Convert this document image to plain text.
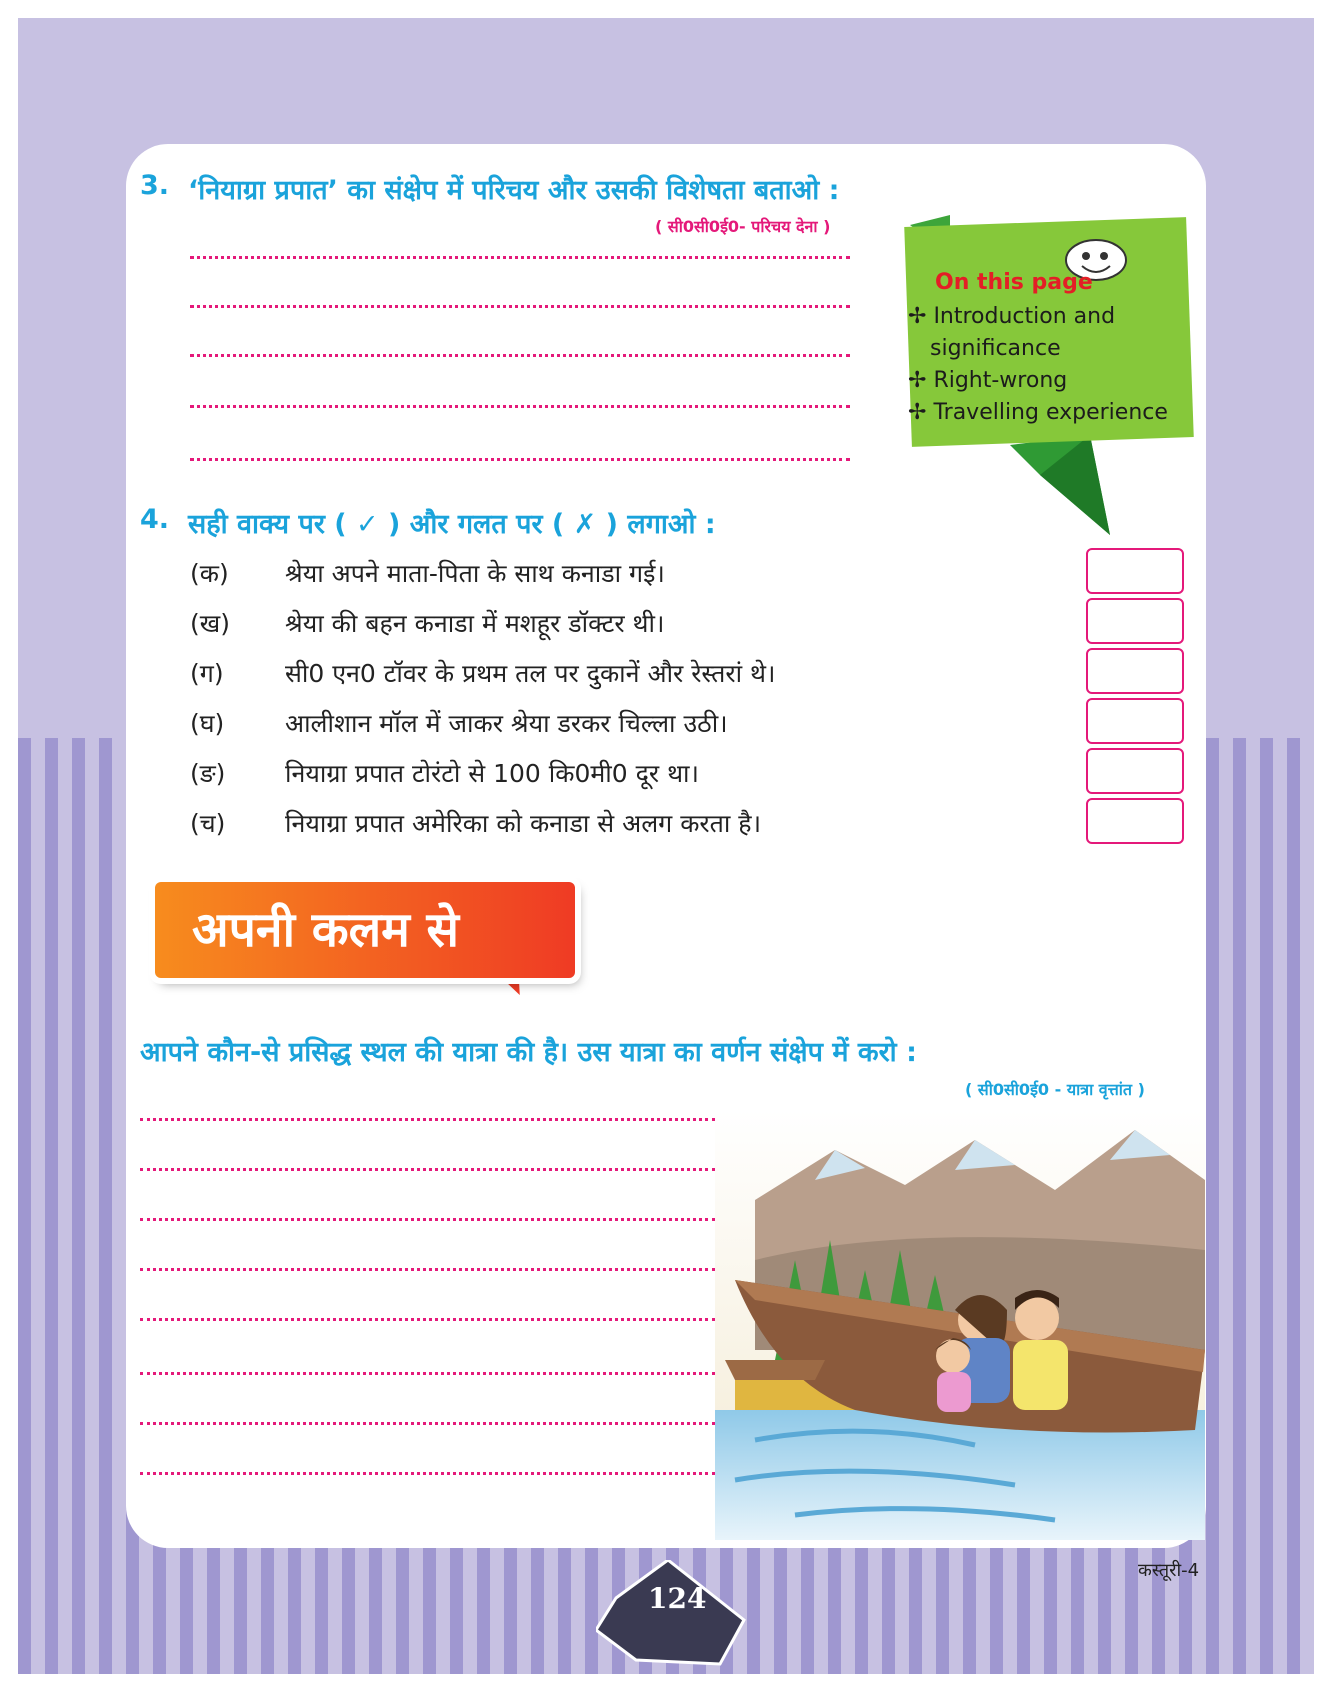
3. ‘नियाग्रा प्रपात’ का संक्षेप में परिचय और उसकी विशेषता बताओ :
( सी0सी0ई0- परिचय देना )
On this page
✢ Introduction and
significance
✢ Right-wrong
✢ Travelling experience
4. सही वाक्य पर ( ✓ ) और गलत पर ( ✗ ) लगाओ :
(क) श्रेया अपने माता-पिता के साथ कनाडा गई।
(ख) श्रेया की बहन कनाडा में मशहूर डॉक्टर थी।
(ग) सी0 एन0 टॉवर के प्रथम तल पर दुकानें और रेस्तरां थे।
(घ) आलीशान मॉल में जाकर श्रेया डरकर चिल्ला उठी।
(ङ) नियाग्रा प्रपात टोरंटो से 100 कि0मी0 दूर था।
(च) नियाग्रा प्रपात अमेरिका को कनाडा से अलग करता है।
अपनी कलम से
आपने कौन-से प्रसिद्ध स्थल की यात्रा की है। उस यात्रा का वर्णन संक्षेप में करो :
( सी0सी0ई0 - यात्रा वृत्तांत )
कस्तूरी-4
124
